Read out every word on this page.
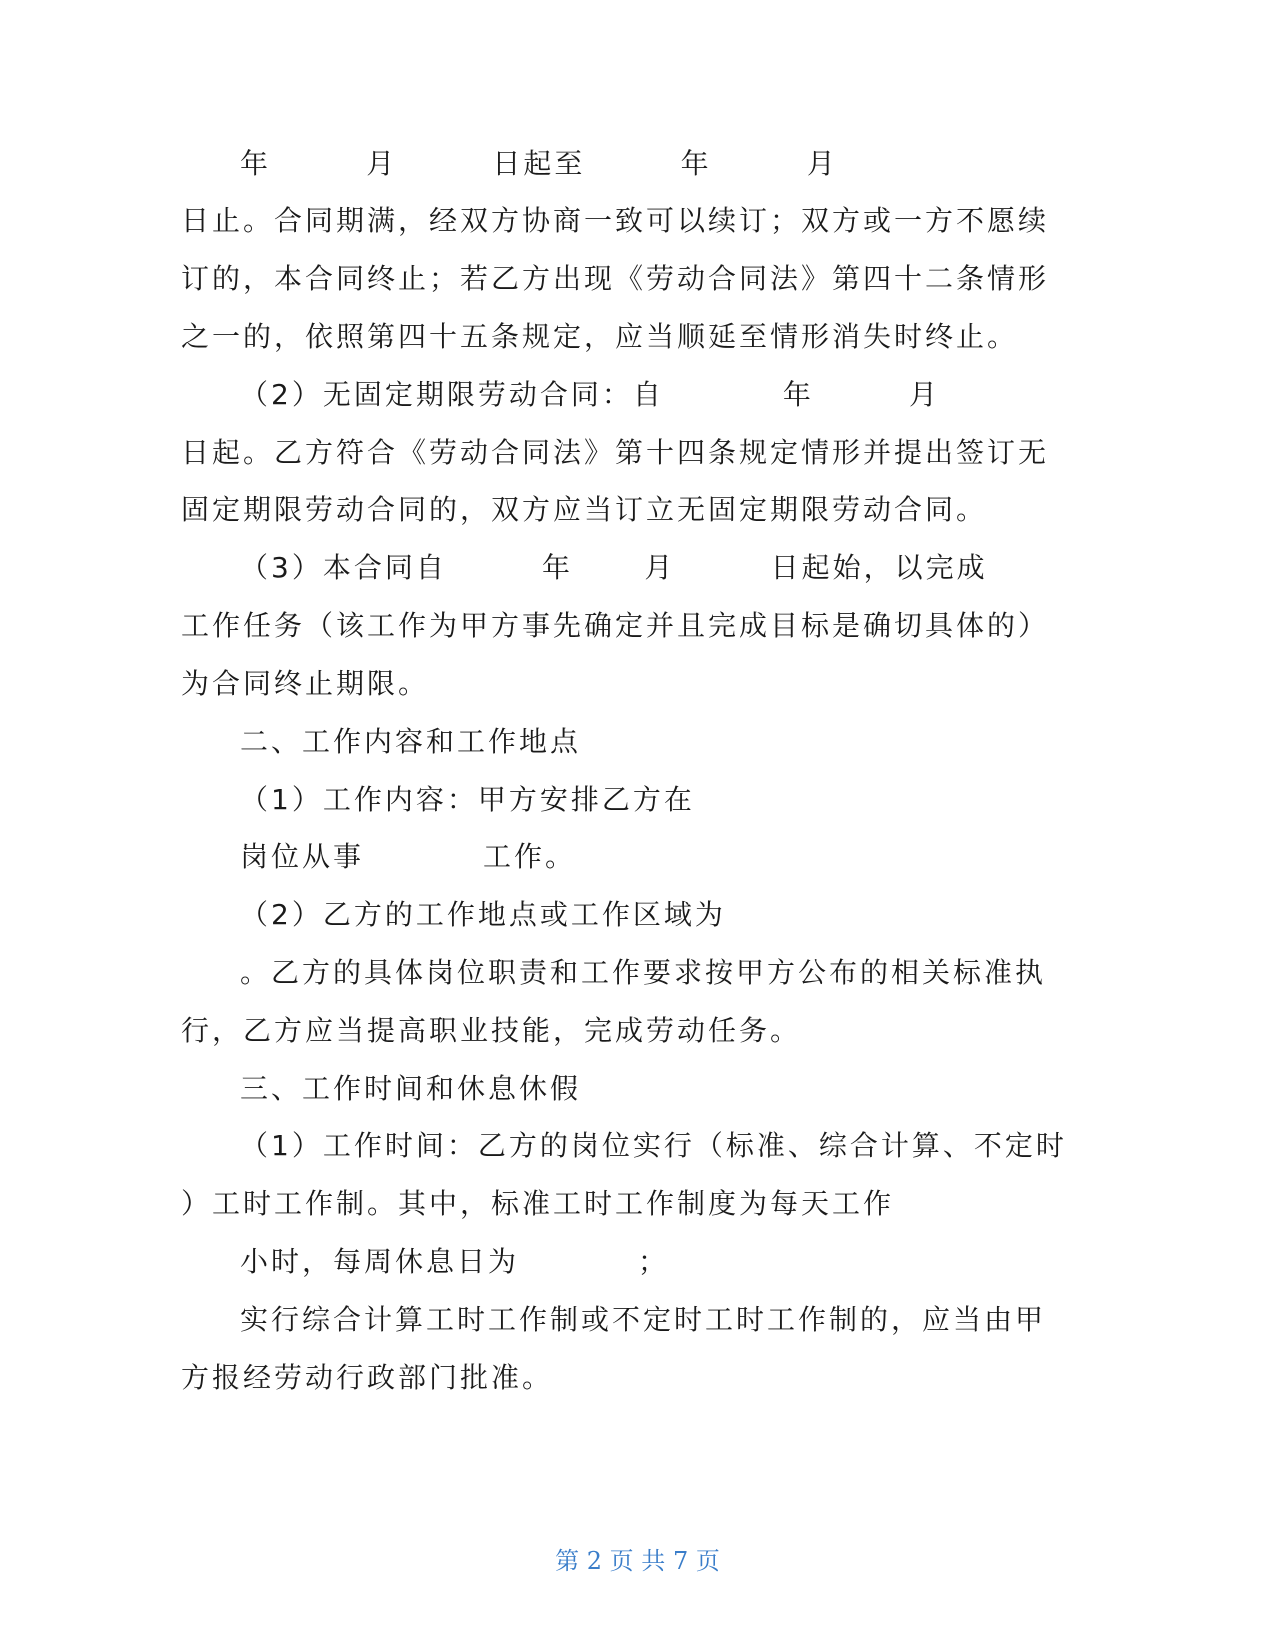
年        月        日起至        年        月
日止。合同期满，经双方协商一致可以续订；双方或一方不愿续
订的，本合同终止；若乙方出现《劳动合同法》第四十二条情形
之一的，依照第四十五条规定，应当顺延至情形消失时终止。
（2）无固定期限劳动合同：自          年        月
日起。乙方符合《劳动合同法》第十四条规定情形并提出签订无
固定期限劳动合同的，双方应当订立无固定期限劳动合同。
（3）本合同自        年      月        日起始，以完成
工作任务（该工作为甲方事先确定并且完成目标是确切具体的）
为合同终止期限。
二、工作内容和工作地点
（1）工作内容：甲方安排乙方在
岗位从事          工作。
（2）乙方的工作地点或工作区域为
。乙方的具体岗位职责和工作要求按甲方公布的相关标准执
行，乙方应当提高职业技能，完成劳动任务。
三、工作时间和休息休假
（1）工作时间：乙方的岗位实行（标准、综合计算、不定时
）工时工作制。其中，标准工时工作制度为每天工作
小时，每周休息日为          ；
实行综合计算工时工作制或不定时工时工作制的，应当由甲
方报经劳动行政部门批准。
第 2 页 共 7 页
